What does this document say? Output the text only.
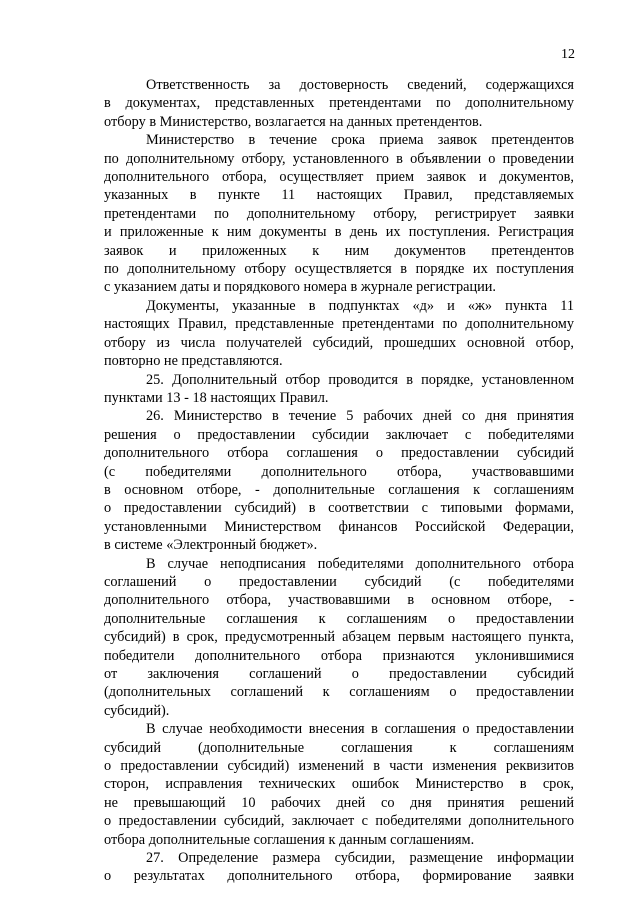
12
Ответственность за достоверность сведений, содержащихся
в документах, представленных претендентами по дополнительному
отбору в Министерство, возлагается на данных претендентов.
Министерство в течение срока приема заявок претендентов
по дополнительному отбору, установленного в объявлении о проведении
дополнительного отбора, осуществляет прием заявок и документов,
указанных в пункте 11 настоящих Правил, представляемых
претендентами по дополнительному отбору, регистрирует заявки
и приложенные к ним документы в день их поступления. Регистрация
заявок и приложенных к ним документов претендентов
по дополнительному отбору осуществляется в порядке их поступления
с указанием даты и порядкового номера в журнале регистрации.
Документы, указанные в подпунктах «д» и «ж» пункта 11
настоящих Правил, представленные претендентами по дополнительному
отбору из числа получателей субсидий, прошедших основной отбор,
повторно не представляются.
25. Дополнительный отбор проводится в порядке, установленном
пунктами 13 - 18 настоящих Правил.
26. Министерство в течение 5 рабочих дней со дня принятия
решения о предоставлении субсидии заключает с победителями
дополнительного отбора соглашения о предоставлении субсидий
(с победителями дополнительного отбора, участвовавшими
в основном отборе, - дополнительные соглашения к соглашениям
о предоставлении субсидий) в соответствии с типовыми формами,
установленными Министерством финансов Российской Федерации,
в системе «Электронный бюджет».
В случае неподписания победителями дополнительного отбора
соглашений о предоставлении субсидий (с победителями
дополнительного отбора, участвовавшими в основном отборе, -
дополнительные соглашения к соглашениям о предоставлении
субсидий) в срок, предусмотренный абзацем первым настоящего пункта,
победители дополнительного отбора признаются уклонившимися
от заключения соглашений о предоставлении субсидий
(дополнительных соглашений к соглашениям о предоставлении
субсидий).
В случае необходимости внесения в соглашения о предоставлении
субсидий (дополнительные соглашения к соглашениям
о предоставлении субсидий) изменений в части изменения реквизитов
сторон, исправления технических ошибок Министерство в срок,
не превышающий 10 рабочих дней со дня принятия решений
о предоставлении субсидий, заключает с победителями дополнительного
отбора дополнительные соглашения к данным соглашениям.
27. Определение размера субсидии, размещение информации
о результатах дополнительного отбора, формирование заявки
